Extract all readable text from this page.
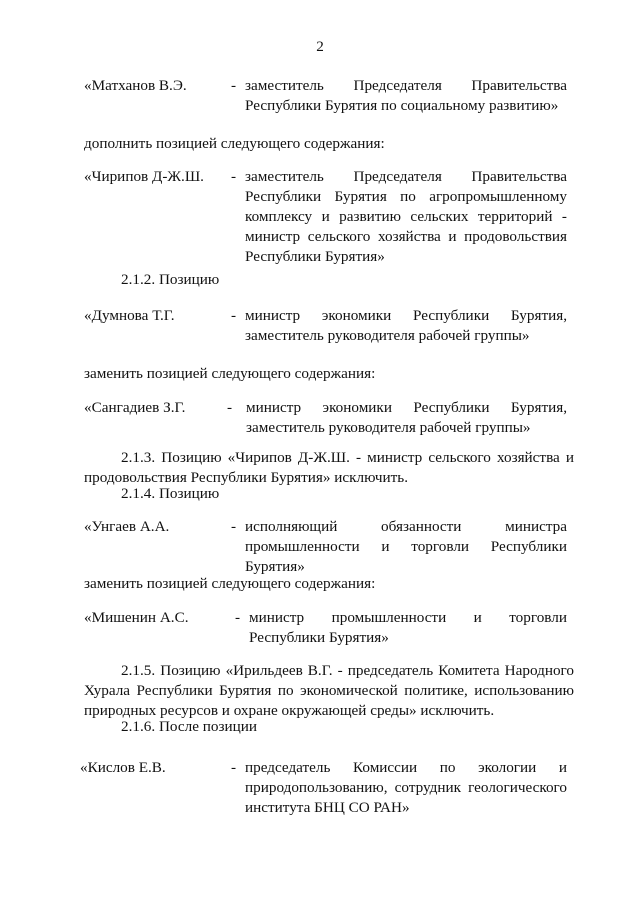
2
«Матханов В.Э.	- заместитель Председателя Правительства Республики Бурятия по социальному развитию»
дополнить позицией следующего содержания:
«Чирипов Д-Ж.Ш. - заместитель Председателя Правительства Республики Бурятия по агропромышленному комплексу и развитию сельских территорий - министр сельского хозяйства и продовольствия Республики Бурятия»
2.1.2. Позицию
«Думнова Т.Г.	- министр экономики Республики Бурятия, заместитель руководителя рабочей группы»
заменить позицией следующего содержания:
«Сангадиев З.Г.	- министр экономики Республики Бурятия, заместитель руководителя рабочей группы»
2.1.3. Позицию «Чирипов Д-Ж.Ш. - министр сельского хозяйства и продовольствия Республики Бурятия» исключить.
2.1.4. Позицию
«Унгаев А.А.	- исполняющий обязанности министра промышленности и торговли Республики Бурятия»
заменить позицией следующего содержания:
«Мишенин А.С.	- министр промышленности и торговли Республики Бурятия»
2.1.5. Позицию «Ирильдеев В.Г. - председатель Комитета Народного Хурала Республики Бурятия по экономической политике, использованию природных ресурсов и охране окружающей среды» исключить.
2.1.6. После позиции
«Кислов Е.В.	- председатель Комиссии по экологии и природопользованию, сотрудник геологического института БНЦ СО РАН»
